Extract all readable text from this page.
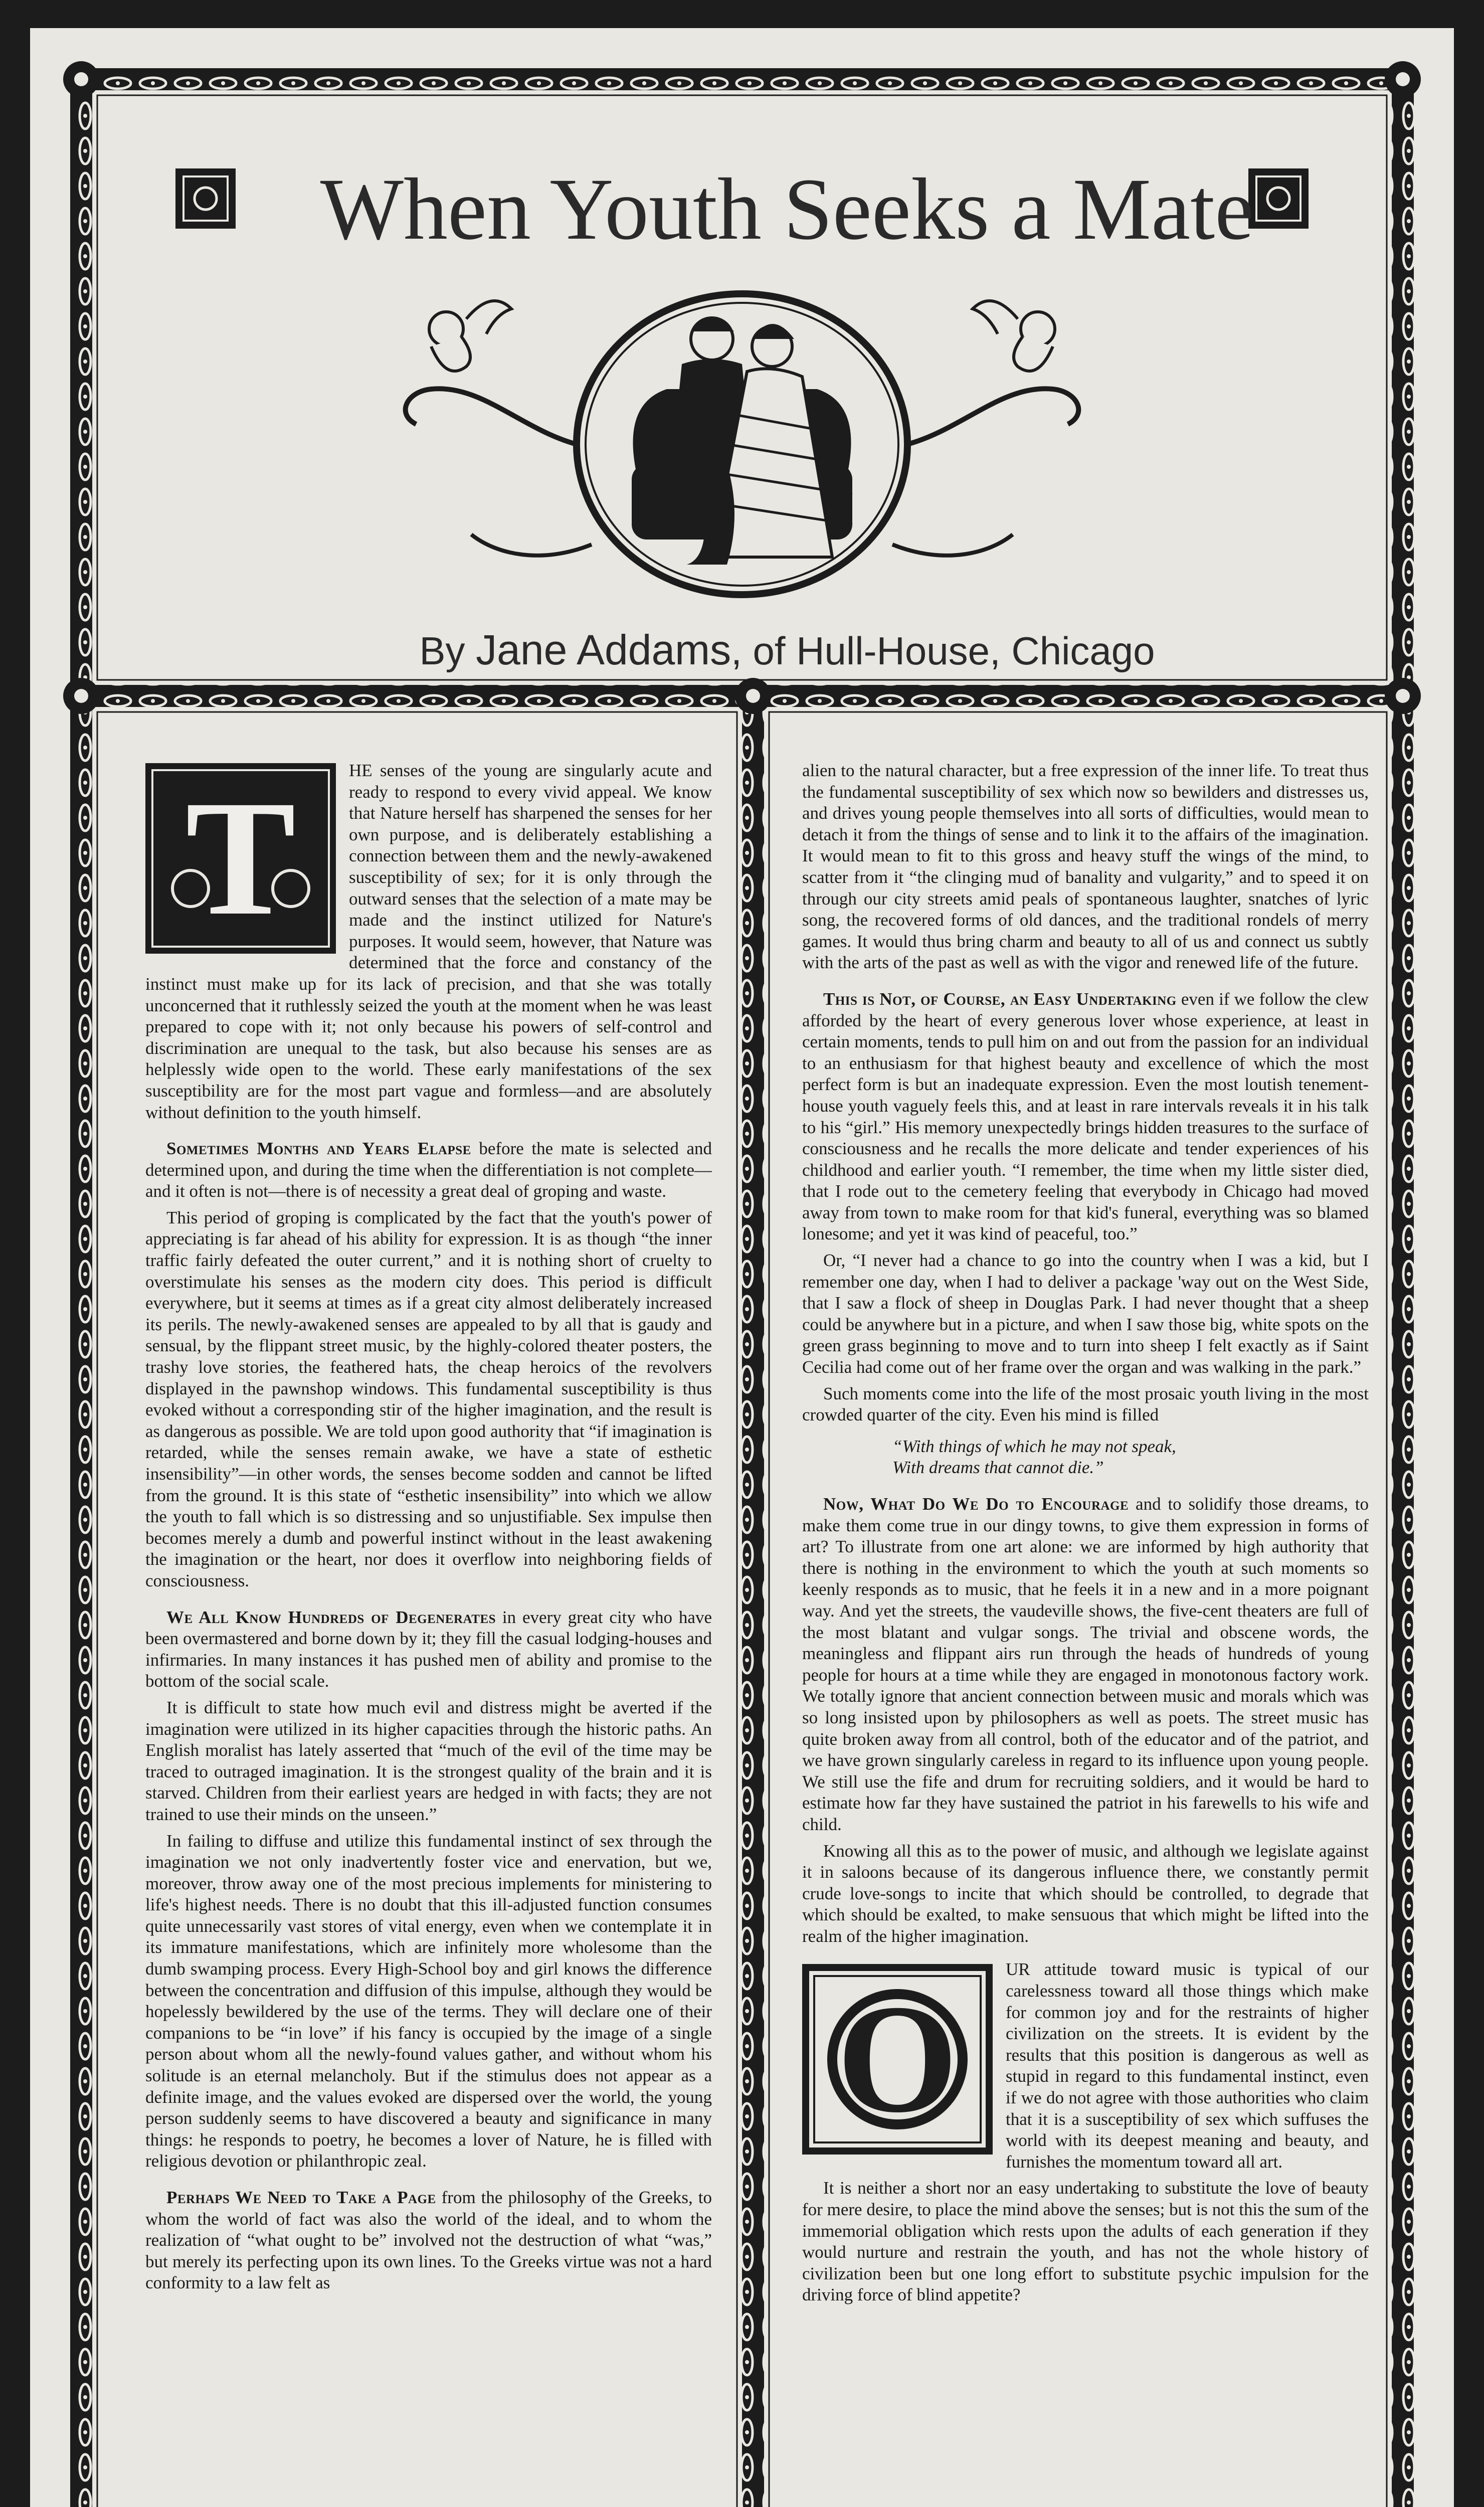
When Youth Seeks a Mate
By Jane Addams, of Hull-House, Chicago
T	HE senses of the young are singularly acute and ready to respond to every vivid appeal. We know that Nature herself has sharpened the senses for her own purpose, and is deliberately establishing a connection between them and the newly-awakened susceptibility of sex; for it is only through the outward senses that the selection of a mate may be made and the instinct utilized for Nature's purposes. It would seem, however, that Nature was determined that the force and constancy of the instinct must make up for its lack of precision, and that she was totally unconcerned that it ruthlessly seized the youth at the moment when he was least prepared to cope with it; not only because his powers of self-control and discrimination are unequal to the task, but also because his senses are as helplessly wide open to the world. These early manifestations of the sex susceptibility are for the most part vague and formless—and are absolutely without definition to the youth himself.

Sometimes Months and Years Elapse before the mate is selected and determined upon, and during the time when the differentiation is not complete—and it often is not—there is of necessity a great deal of groping and waste.

This period of groping is complicated by the fact that the youth's power of appreciating is far ahead of his ability for expression. It is as though “the inner traffic fairly defeated the outer current,” and it is nothing short of cruelty to overstimulate his senses as the modern city does. This period is difficult everywhere, but it seems at times as if a great city almost deliberately increased its perils. The newly-awakened senses are appealed to by all that is gaudy and sensual, by the flippant street music, by the highly-colored theater posters, the trashy love stories, the feathered hats, the cheap heroics of the revolvers displayed in the pawnshop windows. This fundamental susceptibility is thus evoked without a corresponding stir of the higher imagination, and the result is as dangerous as possible. We are told upon good authority that “if imagination is retarded, while the senses remain awake, we have a state of esthetic insensibility”—in other words, the senses become sodden and cannot be lifted from the ground. It is this state of “esthetic insensibility” into which we allow the youth to fall which is so distressing and so unjustifiable. Sex impulse then becomes merely a dumb and powerful instinct without in the least awakening the imagination or the heart, nor does it overflow into neighboring fields of consciousness.

We All Know Hundreds of Degenerates in every great city who have been overmastered and borne down by it; they fill the casual lodging-houses and infirmaries. In many instances it has pushed men of ability and promise to the bottom of the social scale.

It is difficult to state how much evil and distress might be averted if the imagination were utilized in its higher capacities through the historic paths. An English moralist has lately asserted that “much of the evil of the time may be traced to outraged imagination. It is the strongest quality of the brain and it is starved. Children from their earliest years are hedged in with facts; they are not trained to use their minds on the unseen.”

In failing to diffuse and utilize this fundamental instinct of sex through the imagination we not only inadvertently foster vice and enervation, but we, moreover, throw away one of the most precious implements for ministering to life's highest needs. There is no doubt that this ill-adjusted function consumes quite unnecessarily vast stores of vital energy, even when we contemplate it in its immature manifestations, which are infinitely more wholesome than the dumb swamping process. Every High-School boy and girl knows the difference between the concentration and diffusion of this impulse, although they would be hopelessly bewildered by the use of the terms. They will declare one of their companions to be “in love” if his fancy is occupied by the image of a single person about whom all the newly-found values gather, and without whom his solitude is an eternal melancholy. But if the stimulus does not appear as a definite image, and the values evoked are dispersed over the world, the young person suddenly seems to have discovered a beauty and significance in many things: he responds to poetry, he becomes a lover of Nature, he is filled with religious devotion or philanthropic zeal.

Perhaps We Need to Take a Page from the philosophy of the Greeks, to whom the world of fact was also the world of the ideal, and to whom the realization of “what ought to be” involved not the destruction of what “was,” but merely its perfecting upon its own lines. To the Greeks virtue was not a hard conformity to a law felt as

alien to the natural character, but a free expression of the inner life. To treat thus the fundamental susceptibility of sex which now so bewilders and distresses us, and drives young people themselves into all sorts of difficulties, would mean to detach it from the things of sense and to link it to the affairs of the imagination. It would mean to fit to this gross and heavy stuff the wings of the mind, to scatter from it “the clinging mud of banality and vulgarity,” and to speed it on through our city streets amid peals of spontaneous laughter, snatches of lyric song, the recovered forms of old dances, and the traditional rondels of merry games. It would thus bring charm and beauty to all of us and connect us subtly with the arts of the past as well as with the vigor and renewed life of the future.

This is Not, of Course, an Easy Undertaking even if we follow the clew afforded by the heart of every generous lover whose experience, at least in certain moments, tends to pull him on and out from the passion for an individual to an enthusiasm for that highest beauty and excellence of which the most perfect form is but an inadequate expression. Even the most loutish tenement-house youth vaguely feels this, and at least in rare intervals reveals it in his talk to his “girl.” His memory unexpectedly brings hidden treasures to the surface of consciousness and he recalls the more delicate and tender experiences of his childhood and earlier youth. “I remember, the time when my little sister died, that I rode out to the cemetery feeling that everybody in Chicago had moved away from town to make room for that kid's funeral, everything was so blamed lonesome; and yet it was kind of peaceful, too.”

Or, “I never had a chance to go into the country when I was a kid, but I remember one day, when I had to deliver a package 'way out on the West Side, that I saw a flock of sheep in Douglas Park. I had never thought that a sheep could be anywhere but in a picture, and when I saw those big, white spots on the green grass beginning to move and to turn into sheep I felt exactly as if Saint Cecilia had come out of her frame over the organ and was walking in the park.”

Such moments come into the life of the most prosaic youth living in the most crowded quarter of the city. Even his mind is filled

“With things of which he may not speak,
With dreams that cannot die.”

Now, What Do We Do to Encourage and to solidify those dreams, to make them come true in our dingy towns, to give them expression in forms of art? To illustrate from one art alone: we are informed by high authority that there is nothing in the environment to which the youth at such moments so keenly responds as to music, that he feels it in a new and in a more poignant way. And yet the streets, the vaudeville shows, the five-cent theaters are full of the most blatant and vulgar songs. The trivial and obscene words, the meaningless and flippant airs run through the heads of hundreds of young people for hours at a time while they are engaged in monotonous factory work. We totally ignore that ancient connection between music and morals which was so long insisted upon by philosophers as well as poets. The street music has quite broken away from all control, both of the educator and of the patriot, and we have grown singularly careless in regard to its influence upon young people. We still use the fife and drum for recruiting soldiers, and it would be hard to estimate how far they have sustained the patriot in his farewells to his wife and child.

Knowing all this as to the power of music, and although we legislate against it in saloons because of its dangerous influence there, we constantly permit crude love-songs to incite that which should be controlled, to degrade that which should be exalted, to make sensuous that which might be lifted into the realm of the higher imagination.

O

UR attitude toward music is typical of our carelessness toward all those things which make for common joy and for the restraints of higher civilization on the streets. It is evident by the results that this position is dangerous as well as stupid in regard to this fundamental instinct, even if we do not agree with those authorities who claim that it is a susceptibility of sex which suffuses the world with its deepest meaning and beauty, and furnishes the momentum toward all art.

It is neither a short nor an easy undertaking to substitute the love of beauty for mere desire, to place the mind above the senses; but is not this the sum of the immemorial obligation which rests upon the adults of each generation if they would nurture and restrain the youth, and has not the whole history of civilization been but one long effort to substitute psychic impulsion for the driving force of blind appetite?
